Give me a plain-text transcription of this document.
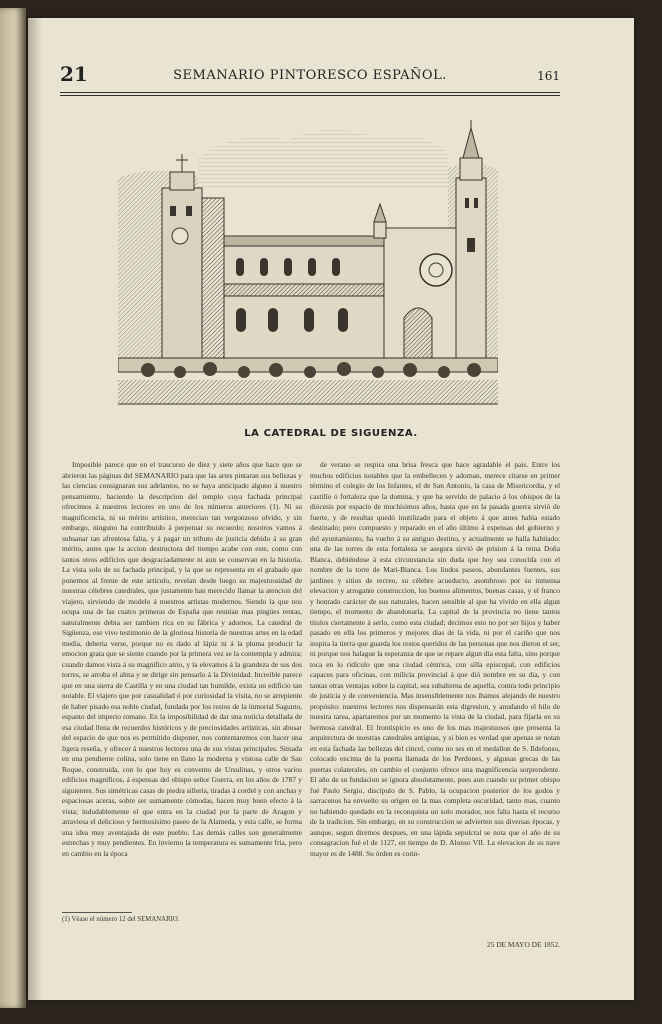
21	SEMANARIO PINTORESCO ESPAÑOL.	161
LA CATEDRAL DE SIGUENZA.

Imposible parece que en el trascurso de diez y siete años que hace que se abrieron las páginas del SEMANARIO para que las artes pintaran sus bellezas y las ciencias consignaran sus adelantos, no se haya anticipado alguno á nuestro pensamiento, haciendo la descripcion del templo cuya fachada principal ofrecimos á nuestros lectores en uno de los números anteriores (1). Ni su magnificencia, ni su mérito artístico, merecian tan vergonzoso olvido, y sin embargo, ninguno ha contribuido á perpetuar su recuerdo; nosotros vamos á subsanar tan afrentosa falta, y á pagar un tributo de justicia debido á su gran mérito, antes que la accion destructora del tiempo acabe con este, como con tantos otros edificios que desgraciadamente ni aun se conservan en la historia. La vista solo de su fachada principal, y la que se representa en el grabado que ponemos al frente de este artículo, revelan desde luego su majestuosidad de nuestras célebres catedrales, que justamente han merecido llamar la atencion del viajero, sirviendo de modelo á nuestros artistas modernos. Siendo la que nos ocupa una de las cuatro primeras de España que reunian mas pingües rentas, naturalmente debia ser tambien rica en su fábrica y adornos. La catedral de Sigüenza, ese vivo testimonio de la gloriosa historia de nuestras artes en la edad media, deberia verse, porque no es dado al lápiz ni á la pluma producir la emocion grata que se siente cuando por la primera vez se la contempla y admira; cuando damos vista á su magnífico atrio, y la elevamos á la grandeza de sus dos torres, se arroba el alma y se dirige sin pensarlo á la Divinidad. Increible parece que en una sierra de Castilla y en una ciudad tan humilde, exista un edificio tan notable. El viajero que por casualidad ó por curiosidad la visita, no se arrepiente de haber pisado esa noble ciudad, fundada por los restos de la inmortal Sagunto, espanto del imperio romano. En la imposibilidad de dar una noticia detallada de esa ciudad llena de recuerdos históricos y de preciosidades artísticas, sin abusar del espacio de que nos es permitido disponer, nos contentaremos con hacer una ligera reseña, y ofrecer á nuestros lectores una de sus vistas principales. Situada en una pendiente colina, solo tiene en llano la moderna y vistosa calle de San Roque, construida, con lo que hoy es convento de Ursulinas, y otros varios edificios magníficos, á espensas del obispo señor Guerra, en los años de 1787 y siguientes. Sus simétricas casas de piedra sillería, tiradas á cordel y con anchas y espaciosas aceras, sobre ser sumamente cómodas, hacen muy buen efecto á la vista; indudablemente el que entra en la ciudad por la parte de Aragon y atraviesa el delicioso y hermosísimo paseo de la Alameda, y esta calle, se forma una idea muy aventajada de este pueblo. Las demás calles son generalmente estrechas y muy pendientes. En invierno la temperatura es sumamente fria, pero en cambio en la época

de verano se respira una brisa fresca que hace agradable el país. Entre los muchos edificios notables que la embellecen y adornan, merece citarse en primer término el colegio de los Infantes, el de San Antonio, la casa de Misericordia, y el castillo ó fortaleza que la domina, y que ha servido de palacio á los obispos de la diócesis por espacio de muchísimos años, hasta que en la pasada guerra sirvió de fuerte, y de resultas quedó inutilizado para el objeto á que antes habia estado destinado; pero compuesto y reparado en el año último á espensas del gobierno y del ayuntamiento, ha vuelto á su antiguo destino, y actualmente se halla habitado: una de las torres de esta fortaleza se asegura sirvió de prision á la reina Doña Blanca, debiéndose á esta circunstancia sin duda que hoy sea conocida con el nombre de la torre de Mari-Blanca. Los lindos paseos, abundantes fuentes, sus jardines y sitios de recreo, su célebre acueducto, asombroso por su inmensa elevacion y arrogante construccion, los buenos alimentos, buenas casas, y el franco y honrado carácter de sus naturales, hacen sensible al que ha vivido en ella algun tiempo, el momento de abandonarla. La capital de la provincia no tiene tantos títulos ciertamente á serlo, como esta ciudad; decimos esto no por ser hijos y haber pasado en ella los primeros y mejores dias de la vida, ni por el cariño que nos inspira la tierra que guarda los restos queridos de las personas que nos dieron el ser, ni porque nos halague la esperanza de que se repare algun dia esta falta, sino porque toca en lo ridículo que una ciudad céntrica, con silla episcopal, con edificios capaces para oficinas, con milicia provincial á que dió nombre en su dia, y con tantas otras ventajas sobre la capital, sea subalterna de aquella, contra todo principio de justicia y de conveniencia. Mas insensiblemente nos íbamos alejando de nuestro propósito: nuestros lectores nos dispensarán esta digresion, y anudando el hilo de nuestra tarea, apartaremos por un momento la vista de la ciudad, para fijarla en su hermosa catedral. El frontispicio es uno de los mas majestuosos que presenta la arquitectura de nuestras catedrales antiguas, y si bien es verdad que apenas se notan en esta fachada las bellezas del cincel, como no ses en el medallon de S. Ildefonso, colocado encima de la puerta llamada de los Perdones, y algunas grecas de las puertas colaterales, en cambio el conjunto ofrece una magnificencia sorprendente. El año de su fundacion se ignora absolutamente, pues aun cuando su primer obispo fué Paulo Sergio, discípulo de S. Pablo, la ocupacion posterior de los godos y sarracenos ha envuelto su origen en la mas completa oscuridad, tanto mas, cuanto no habiendo quedado en la reconquista un solo morador, nos falta hasta el recurso de la tradicion. Sin embargo, en su construccion se advierten sus diversas épocas, y aunque, segun diremos despues, en una lápida sepulcral se nota que el año de su consagracion fué el de 1127, en tiempo de D. Alonso VII. La elevacion de su nave mayor es de 1488. Su órden es corin-

(1) Véase el número 12 del SEMANARIO.
25 DE MAYO DE 1852.
